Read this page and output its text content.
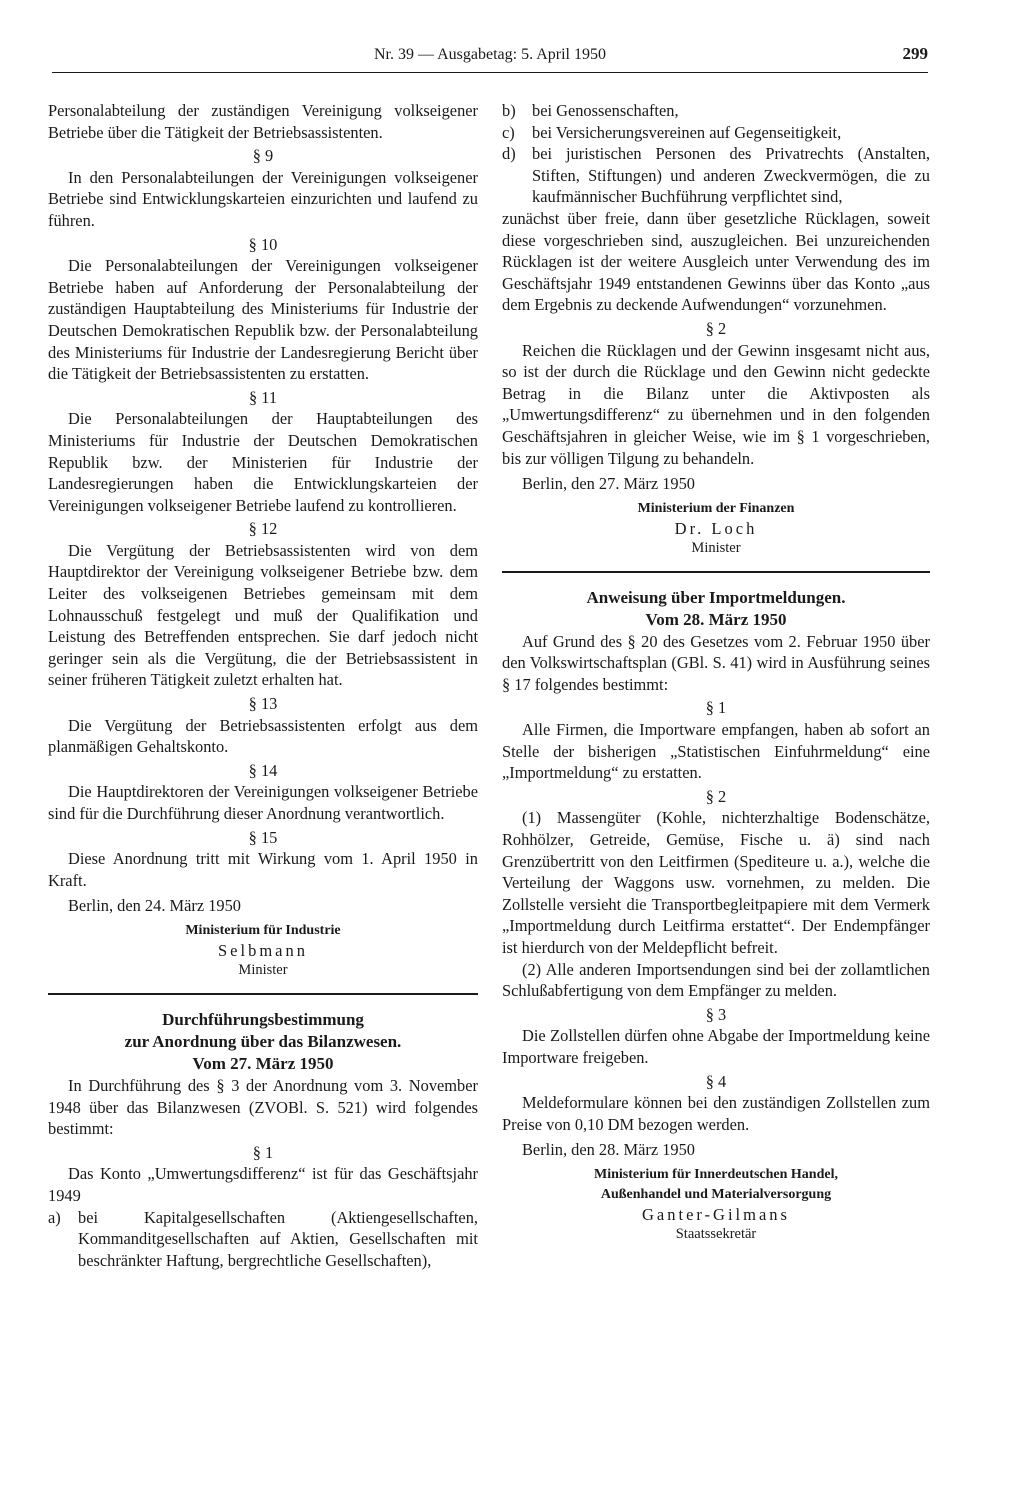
Nr. 39 — Ausgabetag: 5. April 1950	299

Personalabteilung der zuständigen Vereinigung volkseigener Betriebe über die Tätigkeit der Betriebsassistenten.

§ 9

In den Personalabteilungen der Vereinigungen volkseigener Betriebe sind Entwicklungskarteien einzurichten und laufend zu führen.

§ 10

Die Personalabteilungen der Vereinigungen volkseigener Betriebe haben auf Anforderung der Personalabteilung der zuständigen Hauptabteilung des Ministeriums für Industrie der Deutschen Demokratischen Republik bzw. der Personalabteilung des Ministeriums für Industrie der Landesregierung Bericht über die Tätigkeit der Betriebsassistenten zu erstatten.

§ 11

Die Personalabteilungen der Hauptabteilungen des Ministeriums für Industrie der Deutschen Demokratischen Republik bzw. der Ministerien für Industrie der Landesregierungen haben die Entwicklungskarteien der Vereinigungen volkseigener Betriebe laufend zu kontrollieren.

§ 12

Die Vergütung der Betriebsassistenten wird von dem Hauptdirektor der Vereinigung volkseigener Betriebe bzw. dem Leiter des volkseigenen Betriebes gemeinsam mit dem Lohnausschuß festgelegt und muß der Qualifikation und Leistung des Betreffenden entsprechen. Sie darf jedoch nicht geringer sein als die Vergütung, die der Betriebsassistent in seiner früheren Tätigkeit zuletzt erhalten hat.

§ 13

Die Vergütung der Betriebsassistenten erfolgt aus dem planmäßigen Gehaltskonto.

§ 14

Die Hauptdirektoren der Vereinigungen volkseigener Betriebe sind für die Durchführung dieser Anordnung verantwortlich.

§ 15

Diese Anordnung tritt mit Wirkung vom 1. April 1950 in Kraft.

Berlin, den 24. März 1950

Ministerium für Industrie

Selbmann

Minister

Durchführungsbestimmung

zur Anordnung über das Bilanzwesen.

Vom 27. März 1950

In Durchführung des § 3 der Anordnung vom 3. November 1948 über das Bilanzwesen (ZVOBl. S. 521) wird folgendes bestimmt:

§ 1

Das Konto „Umwertungsdifferenz“ ist für das Geschäftsjahr 1949

a) bei Kapitalgesellschaften (Aktiengesellschaften, Kommanditgesellschaften auf Aktien, Gesellschaften mit beschränkter Haftung, bergrechtliche Gesellschaften),
b) bei Genossenschaften,
c) bei Versicherungsvereinen auf Gegenseitigkeit,
d) bei juristischen Personen des Privatrechts (Anstalten, Stiften, Stiftungen) und anderen Zweckvermögen, die zu kaufmännischer Buchführung verpflichtet sind,

zunächst über freie, dann über gesetzliche Rücklagen, soweit diese vorgeschrieben sind, auszugleichen. Bei unzureichenden Rücklagen ist der weitere Ausgleich unter Verwendung des im Geschäftsjahr 1949 entstandenen Gewinns über das Konto „aus dem Ergebnis zu deckende Aufwendungen“ vorzunehmen.

§ 2

Reichen die Rücklagen und der Gewinn insgesamt nicht aus, so ist der durch die Rücklage und den Gewinn nicht gedeckte Betrag in die Bilanz unter die Aktivposten als „Umwertungsdifferenz“ zu übernehmen und in den folgenden Geschäftsjahren in gleicher Weise, wie im § 1 vorgeschrieben, bis zur völligen Tilgung zu behandeln.

Berlin, den 27. März 1950

Ministerium der Finanzen

Dr. Loch

Minister

Anweisung über Importmeldungen.

Vom 28. März 1950

Auf Grund des § 20 des Gesetzes vom 2. Februar 1950 über den Volkswirtschaftsplan (GBl. S. 41) wird in Ausführung seines § 17 folgendes bestimmt:

§ 1

Alle Firmen, die Importware empfangen, haben ab sofort an Stelle der bisherigen „Statistischen Einfuhrmeldung“ eine „Importmeldung“ zu erstatten.

§ 2

(1) Massengüter (Kohle, nichterzhaltige Bodenschätze, Rohhölzer, Getreide, Gemüse, Fische u. ä) sind nach Grenzübertritt von den Leitfirmen (Spediteure u. a.), welche die Verteilung der Waggons usw. vornehmen, zu melden. Die Zollstelle versieht die Transportbegleitpapiere mit dem Vermerk „Importmeldung durch Leitfirma erstattet“. Der Endempfänger ist hierdurch von der Meldepflicht befreit.

(2) Alle anderen Importsendungen sind bei der zollamtlichen Schlußabfertigung von dem Empfänger zu melden.

§ 3

Die Zollstellen dürfen ohne Abgabe der Importmeldung keine Importware freigeben.

§ 4

Meldeformulare können bei den zuständigen Zollstellen zum Preise von 0,10 DM bezogen werden.

Berlin, den 28. März 1950

Ministerium für Innerdeutschen Handel,

Außenhandel und Materialversorgung

Ganter-Gilmans

Staatssekretär
